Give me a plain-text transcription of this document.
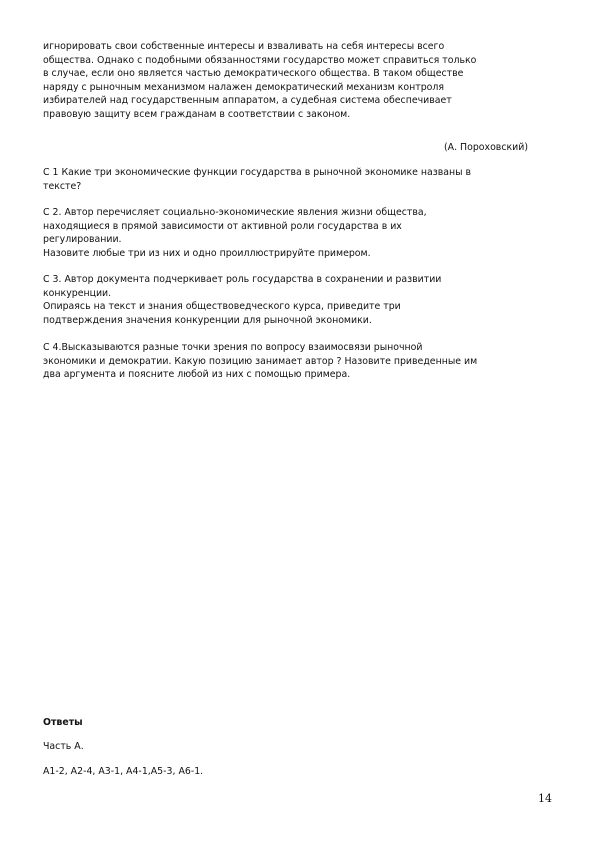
игнорировать свои собственные интересы и взваливать на себя интересы всего
общества. Однако с подобными обязанностями государство может справиться только
в случае, если оно является частью демократического общества. В таком обществе
наряду с рыночным механизмом налажен демократический механизм контроля
избирателей над государственным аппаратом, а судебная система обеспечивает
правовую защиту всем гражданам в соответствии с законом.
(А. Пороховский)
С 1 Какие три экономические функции государства в рыночной экономике названы в
тексте?
С 2. Автор перечисляет социально-экономические явления жизни общества,
находящиеся в прямой зависимости от активной роли государства в их
регулировании.
Назовите любые три из них и одно проиллюстрируйте примером.
С 3. Автор документа подчеркивает роль государства в сохранении и развитии
конкуренции.
Опираясь на текст и знания обществоведческого курса, приведите три
подтверждения значения конкуренции для рыночной экономики.
С 4.Высказываются разные точки зрения по вопросу взаимосвязи рыночной
экономики и демократии. Какую позицию занимает автор ? Назовите приведенные им
два аргумента и поясните любой из них с помощью примера.
Ответы
Часть А.
А1-2, А2-4, А3-1, А4-1,А5-3, А6-1.
14
